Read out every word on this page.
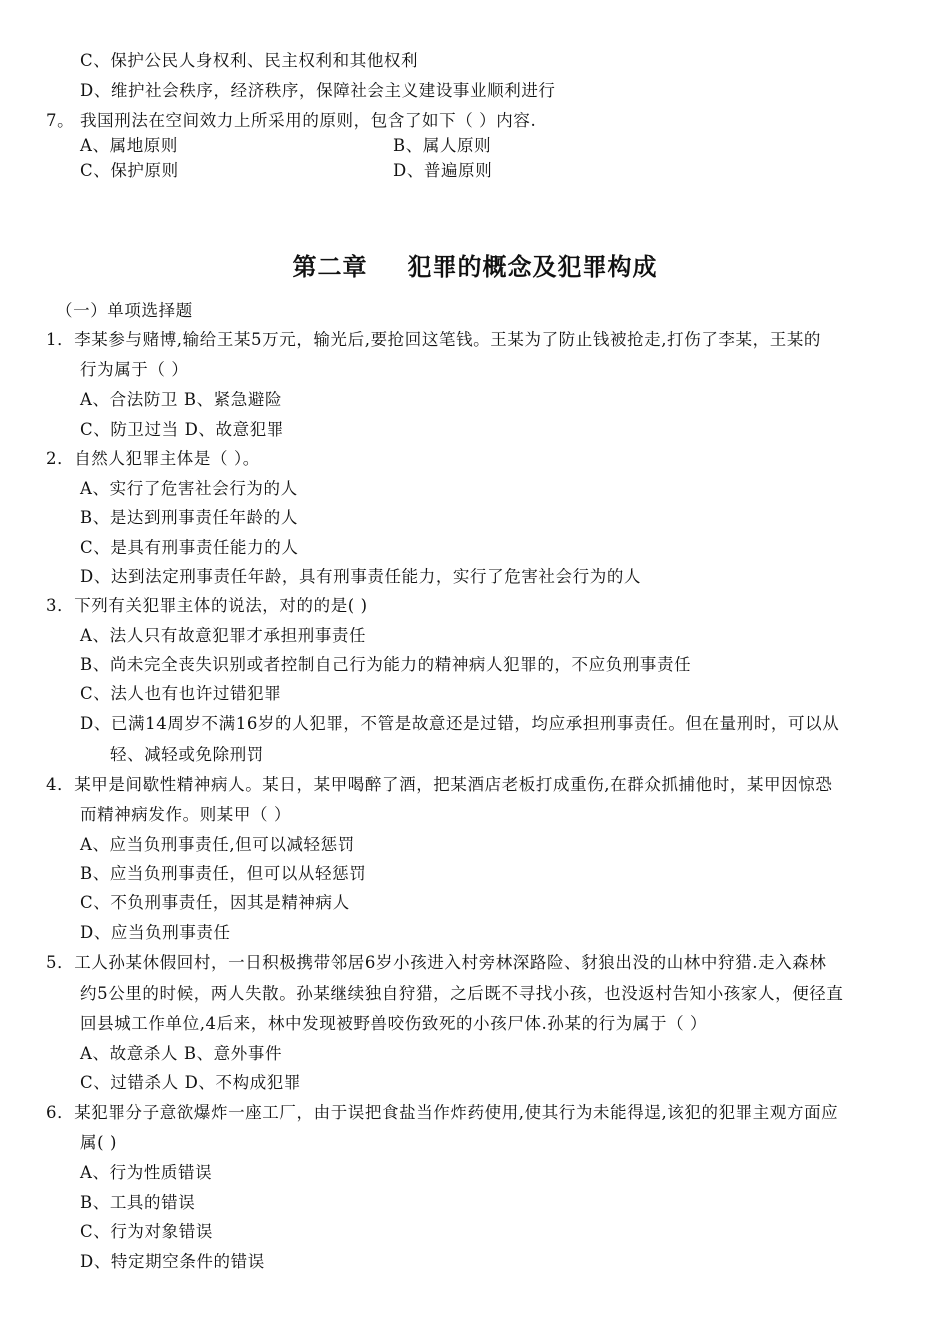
C、保护公民人身权利、民主权利和其他权利
D、维护社会秩序，经济秩序，保障社会主义建设事业顺利进行
7。 我国刑法在空间效力上所采用的原则，包含了如下（ ）内容.
A、属地原则	B、属人原则
C、保护原则	D、普遍原则
第二章 犯罪的概念及犯罪构成
（一）单项选择题
1．李某参与赌博,输给王某5万元，输光后,要抢回这笔钱。王某为了防止钱被抢走,打伤了李某，王某的
行为属于（ ）
A、合法防卫 B、紧急避险
C、防卫过当 D、故意犯罪
2．自然人犯罪主体是（ ）。
A、实行了危害社会行为的人
B、是达到刑事责任年龄的人
C、是具有刑事责任能力的人
D、达到法定刑事责任年龄，具有刑事责任能力，实行了危害社会行为的人
3．下列有关犯罪主体的说法，对的的是( )
A、法人只有故意犯罪才承担刑事责任
B、尚未完全丧失识别或者控制自己行为能力的精神病人犯罪的，不应负刑事责任
C、法人也有也许过错犯罪
D、已满14周岁不满16岁的人犯罪，不管是故意还是过错，均应承担刑事责任。但在量刑时，可以从
轻、减轻或免除刑罚
4．某甲是间歇性精神病人。某日，某甲喝醉了酒，把某酒店老板打成重伤,在群众抓捕他时，某甲因惊恐
而精神病发作。则某甲（ ）
A、应当负刑事责任,但可以减轻惩罚
B、应当负刑事责任，但可以从轻惩罚
C、不负刑事责任，因其是精神病人
D、应当负刑事责任
5．工人孙某休假回村，一日积极携带邻居6岁小孩进入村旁林深路险、豺狼出没的山林中狩猎.走入森林
约5公里的时候，两人失散。孙某继续独自狩猎，之后既不寻找小孩，也没返村告知小孩家人，便径直
回县城工作单位,4后来，林中发现被野兽咬伤致死的小孩尸体.孙某的行为属于（ ）
A、故意杀人 B、意外事件
C、过错杀人 D、不构成犯罪
6．某犯罪分子意欲爆炸一座工厂，由于误把食盐当作炸药使用,使其行为未能得逞,该犯的犯罪主观方面应
属( )
A、行为性质错误
B、工具的错误
C、行为对象错误
D、特定期空条件的错误
